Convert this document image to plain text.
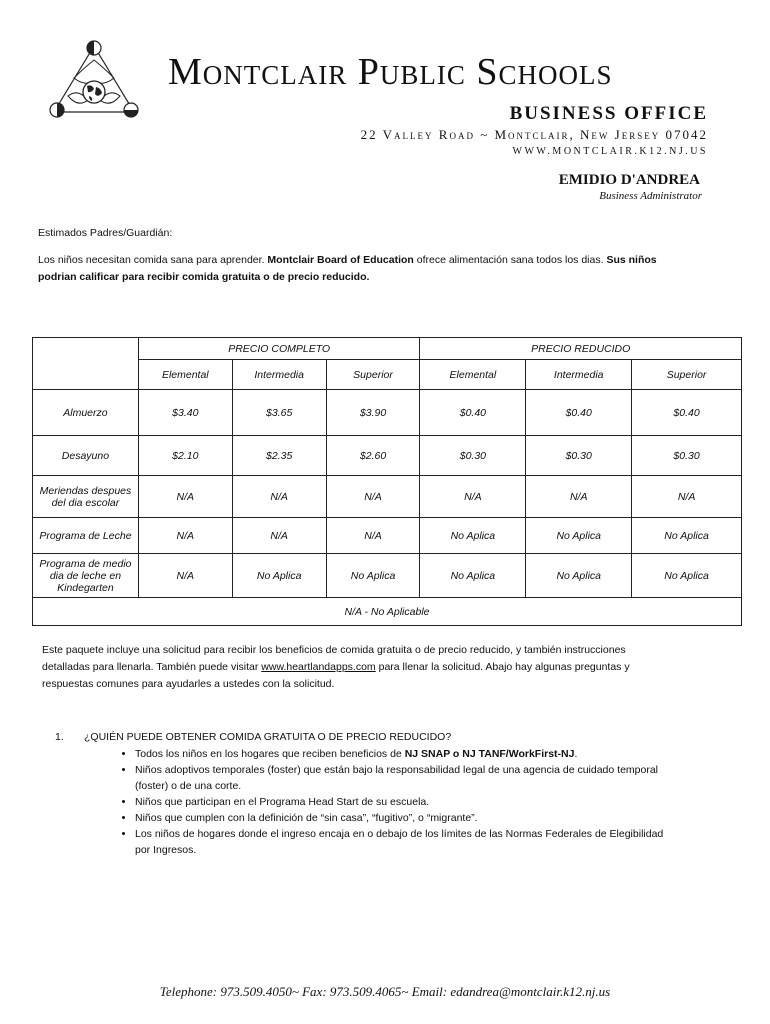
Montclair Public Schools
BUSINESS OFFICE
22 Valley Road ~ Montclair, New Jersey 07042
WWW.MONTCLAIR.K12.NJ.US
EMIDIO D'ANDREA
Business Administrator
Estimados Padres/Guardián:
Los niños necesitan comida sana para aprender. Montclair Board of Education ofrece alimentación sana todos los dias. Sus niños podrian calificar para recibir comida gratuita o de precio reducido.
	PRECIO COMPLETO			PRECIO REDUCIDO		
	Elemental	Intermedia	Superior	Elemental	Intermedia	Superior
Almuerzo	$3.40	$3.65	$3.90	$0.40	$0.40	$0.40
Desayuno	$2.10	$2.35	$2.60	$0.30	$0.30	$0.30
Meriendas despues del dia escolar	N/A	N/A	N/A	N/A	N/A	N/A
Programa de Leche	N/A	N/A	N/A	No Aplica	No Aplica	No Aplica
Programa de medio dia de leche en Kindegarten	N/A	No Aplica	No Aplica	No Aplica	No Aplica	No Aplica
N/A - No Aplicable						
Este paquete incluye una solicitud para recibir los beneficios de comida gratuita o de precio reducido, y también instrucciones detalladas para llenarla. También puede visitar www.heartlandapps.com para llenar la solicitud. Abajo hay algunas preguntas y respuestas comunes para ayudarles a ustedes con la solicitud.
1. ¿QUIÉN PUEDE OBTENER COMIDA GRATUITA O DE PRECIO REDUCIDO?
• Todos los niños en los hogares que reciben beneficios de NJ SNAP o NJ TANF/WorkFirst-NJ.
• Niños adoptivos temporales (foster) que están bajo la responsabilidad legal de una agencia de cuidado temporal (foster) o de una corte.
• Niños que participan en el Programa Head Start de su escuela.
• Niños que cumplen con la definición de “sin casa”, “fugitivo”, o “migrante”.
• Los niños de hogares donde el ingreso encaja en o debajo de los límites de las Normas Federales de Elegibilidad por Ingresos.
Telephone: 973.509.4050~ Fax: 973.509.4065~ Email: edandrea@montclair.k12.nj.us
